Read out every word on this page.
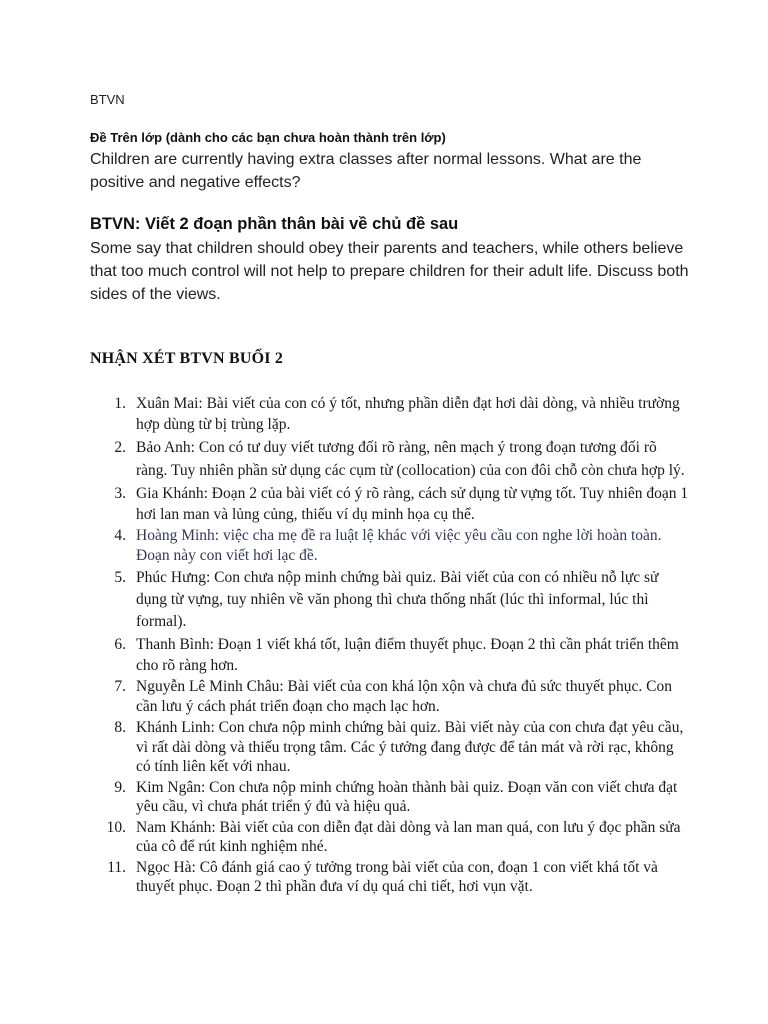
BTVN
Đề Trên lớp (dành cho các bạn chưa hoàn thành trên lớp)
Children are currently having extra classes after normal lessons. What are the positive and negative effects?
BTVN: Viết 2 đoạn phần thân bài về chủ đề sau
Some say that children should obey their parents and teachers, while others believe that too much control will not help to prepare children for their adult life. Discuss both sides of the views.
NHẬN XÉT BTVN BUỔI 2
1. Xuân Mai: Bài viết của con có ý tốt, nhưng phần diễn đạt hơi dài dòng, và nhiều trường hợp dùng từ bị trùng lặp.
2. Bảo Anh: Con có tư duy viết tương đối rõ ràng, nên mạch ý trong đoạn tương đối rõ ràng. Tuy nhiên phần sử dụng các cụm từ (collocation) của con đôi chỗ còn chưa hợp lý.
3. Gia Khánh: Đoạn 2 của bài viết có ý rõ ràng, cách sử dụng từ vựng tốt. Tuy nhiên đoạn 1 hơi lan man và lủng củng, thiếu ví dụ minh họa cụ thể.
4. Hoàng Minh: việc cha mẹ đề ra luật lệ khác với việc yêu cầu con nghe lời hoàn toàn. Đoạn này con viết hơi lạc đề.
5. Phúc Hưng: Con chưa nộp minh chứng bài quiz. Bài viết của con có nhiều nỗ lực sử dụng từ vựng, tuy nhiên về văn phong thì chưa thống nhất (lúc thì informal, lúc thì formal).
6. Thanh Bình: Đoạn 1 viết khá tốt, luận điểm thuyết phục. Đoạn 2 thì cần phát triển thêm cho rõ ràng hơn.
7. Nguyễn Lê Minh Châu: Bài viết của con khá lộn xộn và chưa đủ sức thuyết phục. Con cần lưu ý cách phát triển đoạn cho mạch lạc hơn.
8. Khánh Linh: Con chưa nộp minh chứng bài quiz. Bài viết này của con chưa đạt yêu cầu, vì rất dài dòng và thiếu trọng tâm. Các ý tưởng đang được để tản mát và rời rạc, không có tính liên kết với nhau.
9. Kim Ngân: Con chưa nộp minh chứng hoàn thành bài quiz. Đoạn văn con viết chưa đạt yêu cầu, vì chưa phát triển ý đủ và hiệu quả.
10. Nam Khánh: Bài viết của con diễn đạt dài dòng và lan man quá, con lưu ý đọc phần sửa của cô để rút kinh nghiệm nhé.
11. Ngọc Hà: Cô đánh giá cao ý tưởng trong bài viết của con, đoạn 1 con viết khá tốt và thuyết phục. Đoạn 2 thì phần đưa ví dụ quá chi tiết, hơi vụn vặt.
